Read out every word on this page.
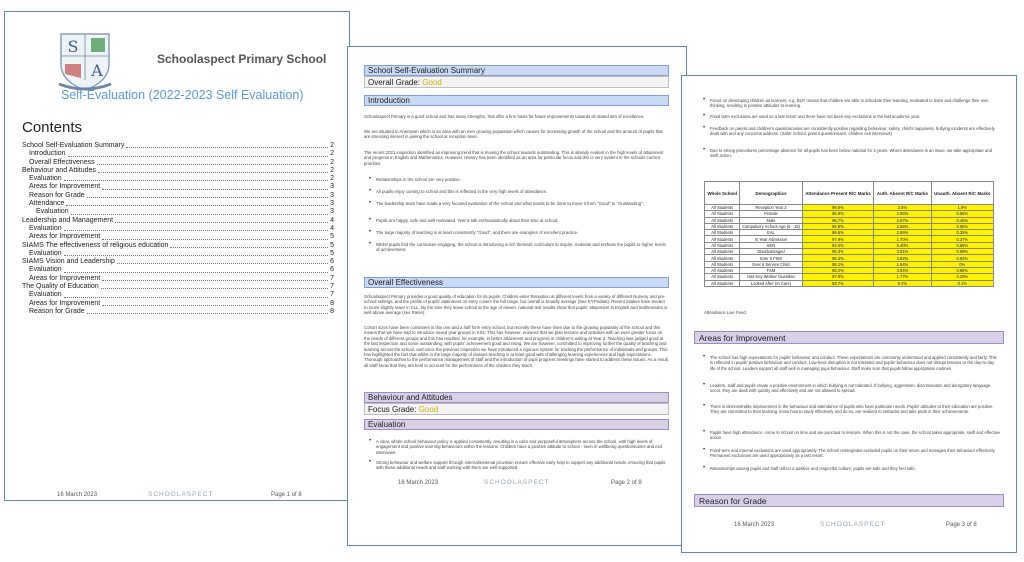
S
A
Schoolaspect Primary School
Self-Evaluation (2022-2023 Self Evaluation)
Contents
School Self-Evaluation Summary	2
Introduction	2
Overall Effectiveness	2
Behaviour and Attitudes	2
Evaluation	2
Areas for Improvement	3
Reason for Grade	3
Attendance	3
Evaluation	3
Leadership and Management	4
Evaluation	4
Areas for Improvement	5
SIAMS The effectiveness of religious education	5
Evaluation	5
SIAMS Vision and Leadership	6
Evaluation	6
Areas for Improvement	7
The Quality of Education	7
Evaluation	7
Areas for Improvement	8
Reason for Grade	8
16 March 2023	SCHOOLASPECT	Page 1 of 8
School Self-Evaluation Summary
Overall Grade: Good
Introduction
Schoolaspect Primary is a good school and has many strengths, that offer a firm basis for future improvements towards its stated aim of excellence.
We are situated in Anentown which is an area with an ever growing population which causes for increasing growth of the school and the amount of pupils that are stressing interest in joining the school at reception level.
The recent 2021 inspection identified an improving trend that is moving the school towards outstanding. This is already evident in the high levels of attainment and progress in English and Mathematics. However, History has been identified as an area for particular focus and this is very evident in the schools current priorities.
• Relationships in the school are very positive.
• All pupils enjoy coming to school and this is reflected in the very high levels of attendance.
• The leadership team have made a very focused evaluation of the school and what needs to be done to move it from "Good" to "Outstanding".
• Pupils are happy, safe and well motivated. Year 6 talk enthusiastically about their time at school.
• The large majority of teaching is at least consistently "Good", and there are examples of excellent practice.
• Whilst pupils find the curriculum engaging, the school is introducing a rich thematic curriculum to inspire, motivate and enthuse the pupils to higher levels of achievement.
Overall Effectiveness
Schoolaspect Primary provides a good quality of education for its pupils. Children enter Reception at different levels from a variety of different Nursery and pre-school settings, and the profile of pupils' attainment on entry covers the full range, but overall is broadly average (See EYFSdata). Recent intakes have tended to score slightly lower in CLL. By the time they leave school at the age of eleven, national test results show that pupils' attainment in English and mathematics is well above average (see Raise).
Cohort sizes have been consistent in this one and a half form entry school, but recently these have risen due to the growing popularity of the school and this means that we have had to introduce mixed year groups in KS1. This has however, ensured that we plan lessons and activities with an even greater focus on the needs of different groups and this has resulted, for example, in better attainment and progress in children's writing at Year 2. Teaching was judged good at the last inspection and some outstanding, with pupils' achievement good and rising. We are however, committed to improving further the quality of teaching and learning across the school, and since the previous inspection we have introduced a rigorous system for tracking the performance of individuals and groups. This has highlighted the fact that whilst in the large majority of classes teaching is at least good with challenging learning experiences and high expectations. Thorough approaches to the performance management of staff and the introduction of pupil progress meetings have started to address these issues. As a result, all staff know that they are held to account for the performance of the children they teach.
Behaviour and Attitudes
Focus Grade: Good
Evaluation
• A clear, whole school behaviour policy is applied consistently, resulting in a calm and purposeful atmosphere across the school, with high levels of engagement and positive learning behaviours within the lessons. Children have a positive attitude to school - seen in wellbeing questionnaires and exit interviews.
• Strong behaviour and welfare support through internal/external provision ensure effective early help to support any additional needs, ensuring that pupils with these additional needs and staff working with them are well supported.
16 March 2023	SCHOOLASPECT	Page 2 of 8
• Focus on developing children as learners, e.g. BLP, means that children are able to articulate their learning, motivated to learn and challenge their own thinking, resulting in positive attitudes to learning.
• Fixed term exclusions are used as a last resort and there have not been any exclusions in the last academic year.
• Feedback on parent and children's questionnaires are consistently positive regarding behaviour, safety, child's happiness, bullying incidents are effectively dealt with and any concerns address. (Safer School, parent questionnaire, children exit interviews)
• Due to strong procedures percentage absence for all pupils has been below national for 3 years. Where attendance is an issue, we take appropriate and swift action.
Whole School	Demographics	Attendance Present R/C Marks	Auth. Absent R/C Marks	Unauth. Absent R/C Marks
All Students	Reception Year 2	96.6%	2.5%	1.9%
All Students	Female	96.9%	2.55%	0.56%
All Students	Male	96.7%	2.67%	0.45%
All Students	Compulsory School Age (5 - 15)	96.8%	2.56%	0.65%
All Students	EAL	96.5%	2.95%	0.35%
All Students	In Year Admission	97.9%	1.70%	0.37%
All Students	SEN	94.0%	5.40%	0.56%
All Students	Disadvantaged	95.3%	3.81%	0.89%
All Students	Ever 6 FSM	95.3%	3.82%	0.93%
All Students	Ever 6 Service Child	98.1%	1.94%	0%
All Students	FSM	95.2%	3.94%	0.86%
All Students	Has Key Worker Guardian	97.9%	1.77%	0.29%
All Students	Looked After (In Care)	93.7%	6.2%	0.1%
Attendance Live Feed
Areas for Improvement
• The school has high expectations for pupils' behaviour and conduct. These expectations are commonly understood and applied consistently and fairly. This is reflected in pupils' positive behaviour and conduct. Low-level disruption is not tolerated and pupils' behaviour does not disrupt lessons or the day-to-day life of the school. Leaders support all staff well in managing pupil behaviour. Staff make sure that pupils follow appropriate routines.
• Leaders, staff and pupils create a positive environment in which bullying is not tolerated. If bullying, aggression, discrimination and derogatory language occur, they are dealt with quickly and effectively and are not allowed to spread.
• There is demonstrable improvement in the behaviour and attendance of pupils who have particular needs. Pupils' attitudes to their education are positive. They are committed to their learning, know how to study effectively and do so, are resilient to setbacks and take pride in their achievements.
• Pupils have high attendance, come to school on time and are punctual to lessons. When this is not the case, the school takes appropriate, swift and effective action.
• Fixed-term and internal exclusions are used appropriately. The school reintegrates excluded pupils on their return and manages their behaviour effectively. Permanent exclusions are used appropriately as a last resort.
• Relationships among pupils and staff reflect a positive and respectful culture; pupils are safe and they feel safe.
Reason for Grade
16 March 2023	SCHOOLASPECT	Page 3 of 8
